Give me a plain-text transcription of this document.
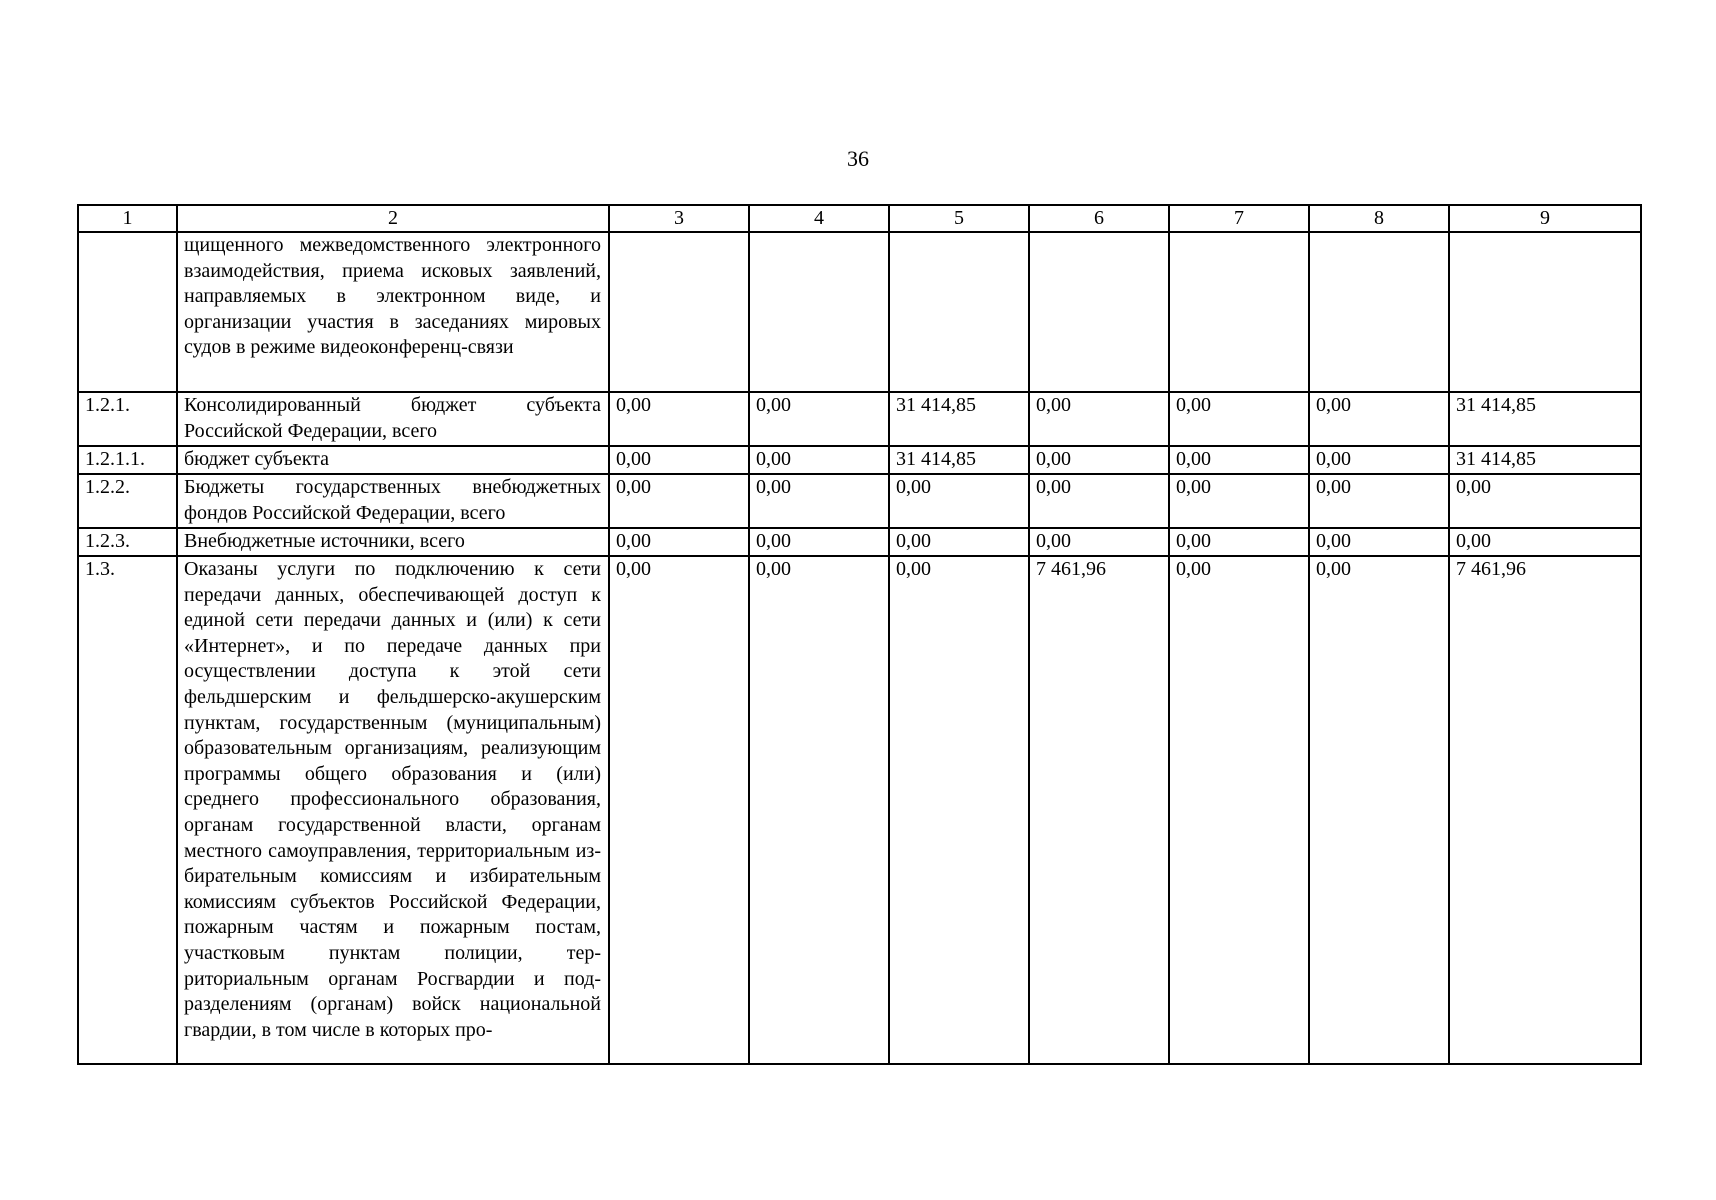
36
1	2	3	4	5	6	7	8	9
	щищенного межведомственного электронного взаимодействия, приема исковых заявлений, направляемых в электронном виде, и организации участия в заседаниях мировых судов в режиме видеоконференц-связи							
1.2.1.	Консолидированный бюджет субъекта Российской Федерации, всего	0,00	0,00	31 414,85	0,00	0,00	0,00	31 414,85
1.2.1.1.	бюджет субъекта	0,00	0,00	31 414,85	0,00	0,00	0,00	31 414,85
1.2.2.	Бюджеты государственных внебюджетных фондов Российской Федерации, всего	0,00	0,00	0,00	0,00	0,00	0,00	0,00
1.2.3.	Внебюджетные источники, всего	0,00	0,00	0,00	0,00	0,00	0,00	0,00
1.3.	Оказаны услуги по подключению к сети передачи данных, обеспечивающей доступ к единой сети передачи данных и (или) к сети «Интернет», и по передаче данных при осуществлении доступа к этой сети фельдшерским и фельдшерско-акушерским пунктам, государственным (муниципальным) образовательным организациям, реализующим программы общего образования и (или) среднего профессионального образования, органам государственной власти, органам местного самоуправления, территориальным избирательным комиссиям и избирательным комиссиям субъектов Российской Федерации, пожарным частям и пожарным постам, участковым пунктам полиции, территориальным органам Росгвардии и подразделениям (органам) войск национальной гвардии, в том числе в которых про-	0,00	0,00	0,00	7 461,96	0,00	0,00	7 461,96
